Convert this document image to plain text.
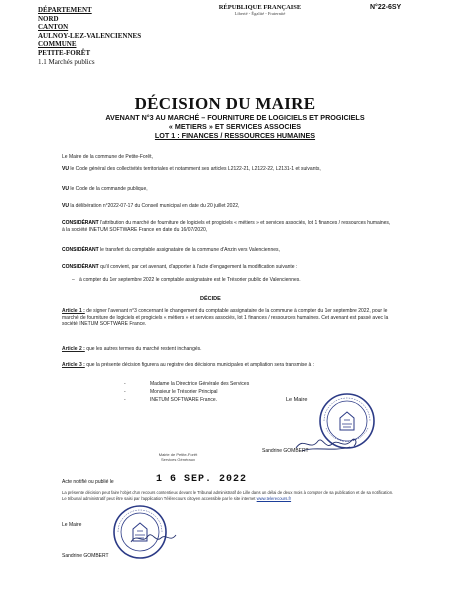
DÉPARTEMENT
NORD
CANTON
AULNOY-LEZ-VALENCIENNES
COMMUNE
PETITE-FORÊT
1.1 Marchés publics
RÉPUBLIQUE FRANÇAISE
Liberté - Égalité - Fraternité
N°22-6SY
DÉCISION DU MAIRE
AVENANT N°3 AU MARCHÉ – FOURNITURE DE LOGICIELS ET PROGICIELS
« METIERS » ET SERVICES ASSOCIES
LOT 1 : FINANCES / RESSOURCES HUMAINES
Le Maire de la commune de Petite-Forêt,
VU le Code général des collectivités territoriales et notamment ses articles L2122-21, L2122-22, L2131-1 et suivants,
VU le Code de la commande publique,
VU la délibération n°2022-07-17 du Conseil municipal en date du 20 juillet 2022,
CONSIDÉRANT l'attribution du marché de fourniture de logiciels et progiciels « métiers » et services associés, lot 1 finances / ressources humaines, à la société INETUM SOFTWARE France en date du 16/07/2020,
CONSIDÉRANT le transfert du comptable assignataire de la commune d'Anzin vers Valenciennes,
CONSIDÉRANT qu'il convient, par cet avenant, d'apporter à l'acte d'engagement la modification suivante :
–   à compter du 1er septembre 2022 le comptable assignataire est le Trésorier public de Valenciennes.
DÉCIDE
Article 1 : de signer l'avenant n°3 concernant le changement du comptable assignataire de la commune à compter du 1er septembre 2022, pour le marché de fourniture de logiciels et progiciels « métiers » et services associés, lot 1 finances / ressources humaines. Cet avenant est passé avec la société INETUM SOFTWARE France.
Article 2 : que les autres termes du marché restent inchangés.
Article 3 : que la présente décision figurera au registre des décisions municipales et ampliation sera transmise à :
-	Madame la Directrice Générale des Services
-	Monsieur le Trésorier Principal
-	INETUM SOFTWARE France.	Le Maire
Sandrine GOMBERT
Mairie de Petite-Forêt
Services Généraux
Acte notifié ou publié le	1 6 SEP. 2022
La présente décision peut faire l'objet d'un recours contentieux devant le Tribunal administratif de Lille dans un délai de deux mois à compter de sa publication et de sa notification. Le tribunal administratif peut être saisi par l'application Télérecours citoyen accessible par le site internet www.telerecours.fr
Le Maire
Sandrine GOMBERT
